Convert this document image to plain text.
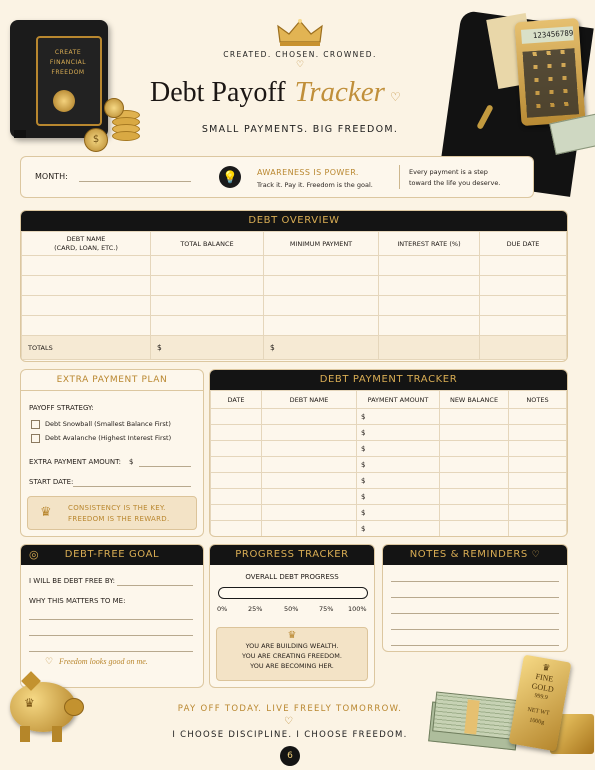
CREATE FINANCIAL FREEDOM
$
123456789
CREATED. CHOSEN. CROWNED.
♡
Debt Payoff Tracker ♡
SMALL PAYMENTS. BIG FREEDOM.
MONTH:	💡	AWARENESS IS POWER.
Track it. Pay it. Freedom is the goal.
Every payment is a step
toward the life you deserve.
DEBT OVERVIEW
DEBT NAME
(CARD, LOAN, ETC.)	TOTAL BALANCE	MINIMUM PAYMENT	INTEREST RATE (%)	DUE DATE

TOTALS	$	$		
EXTRA PAYMENT PLAN
PAYOFF STRATEGY:
Debt Snowball (Smallest Balance First)
Debt Avalanche (Highest Interest First)
EXTRA PAYMENT AMOUNT: $
START DATE:
♛ CONSISTENCY IS THE KEY.
FREEDOM IS THE REWARD.
DEBT PAYMENT TRACKER
DATE	DEBT NAME	PAYMENT AMOUNT	NEW BALANCE	NOTES
		$		
		$		
		$		
		$		
		$		
		$		
		$		
		$		
◎	DEBT-FREE GOAL
I WILL BE DEBT FREE BY:
WHY THIS MATTERS TO ME:
♡ Freedom looks good on me.
PROGRESS TRACKER
OVERALL DEBT PROGRESS
0%	25%	50%	75% 100%
♛
YOU ARE BUILDING WEALTH.
YOU ARE CREATING FREEDOM.
YOU ARE BECOMING HER.
NOTES & REMINDERS ♡
♛
♛
FINE
GOLD
999.9
NET WT
1000g
PAY OFF TODAY. LIVE FREELY TOMORROW.
♡
I CHOOSE DISCIPLINE. I CHOOSE FREEDOM.
6
